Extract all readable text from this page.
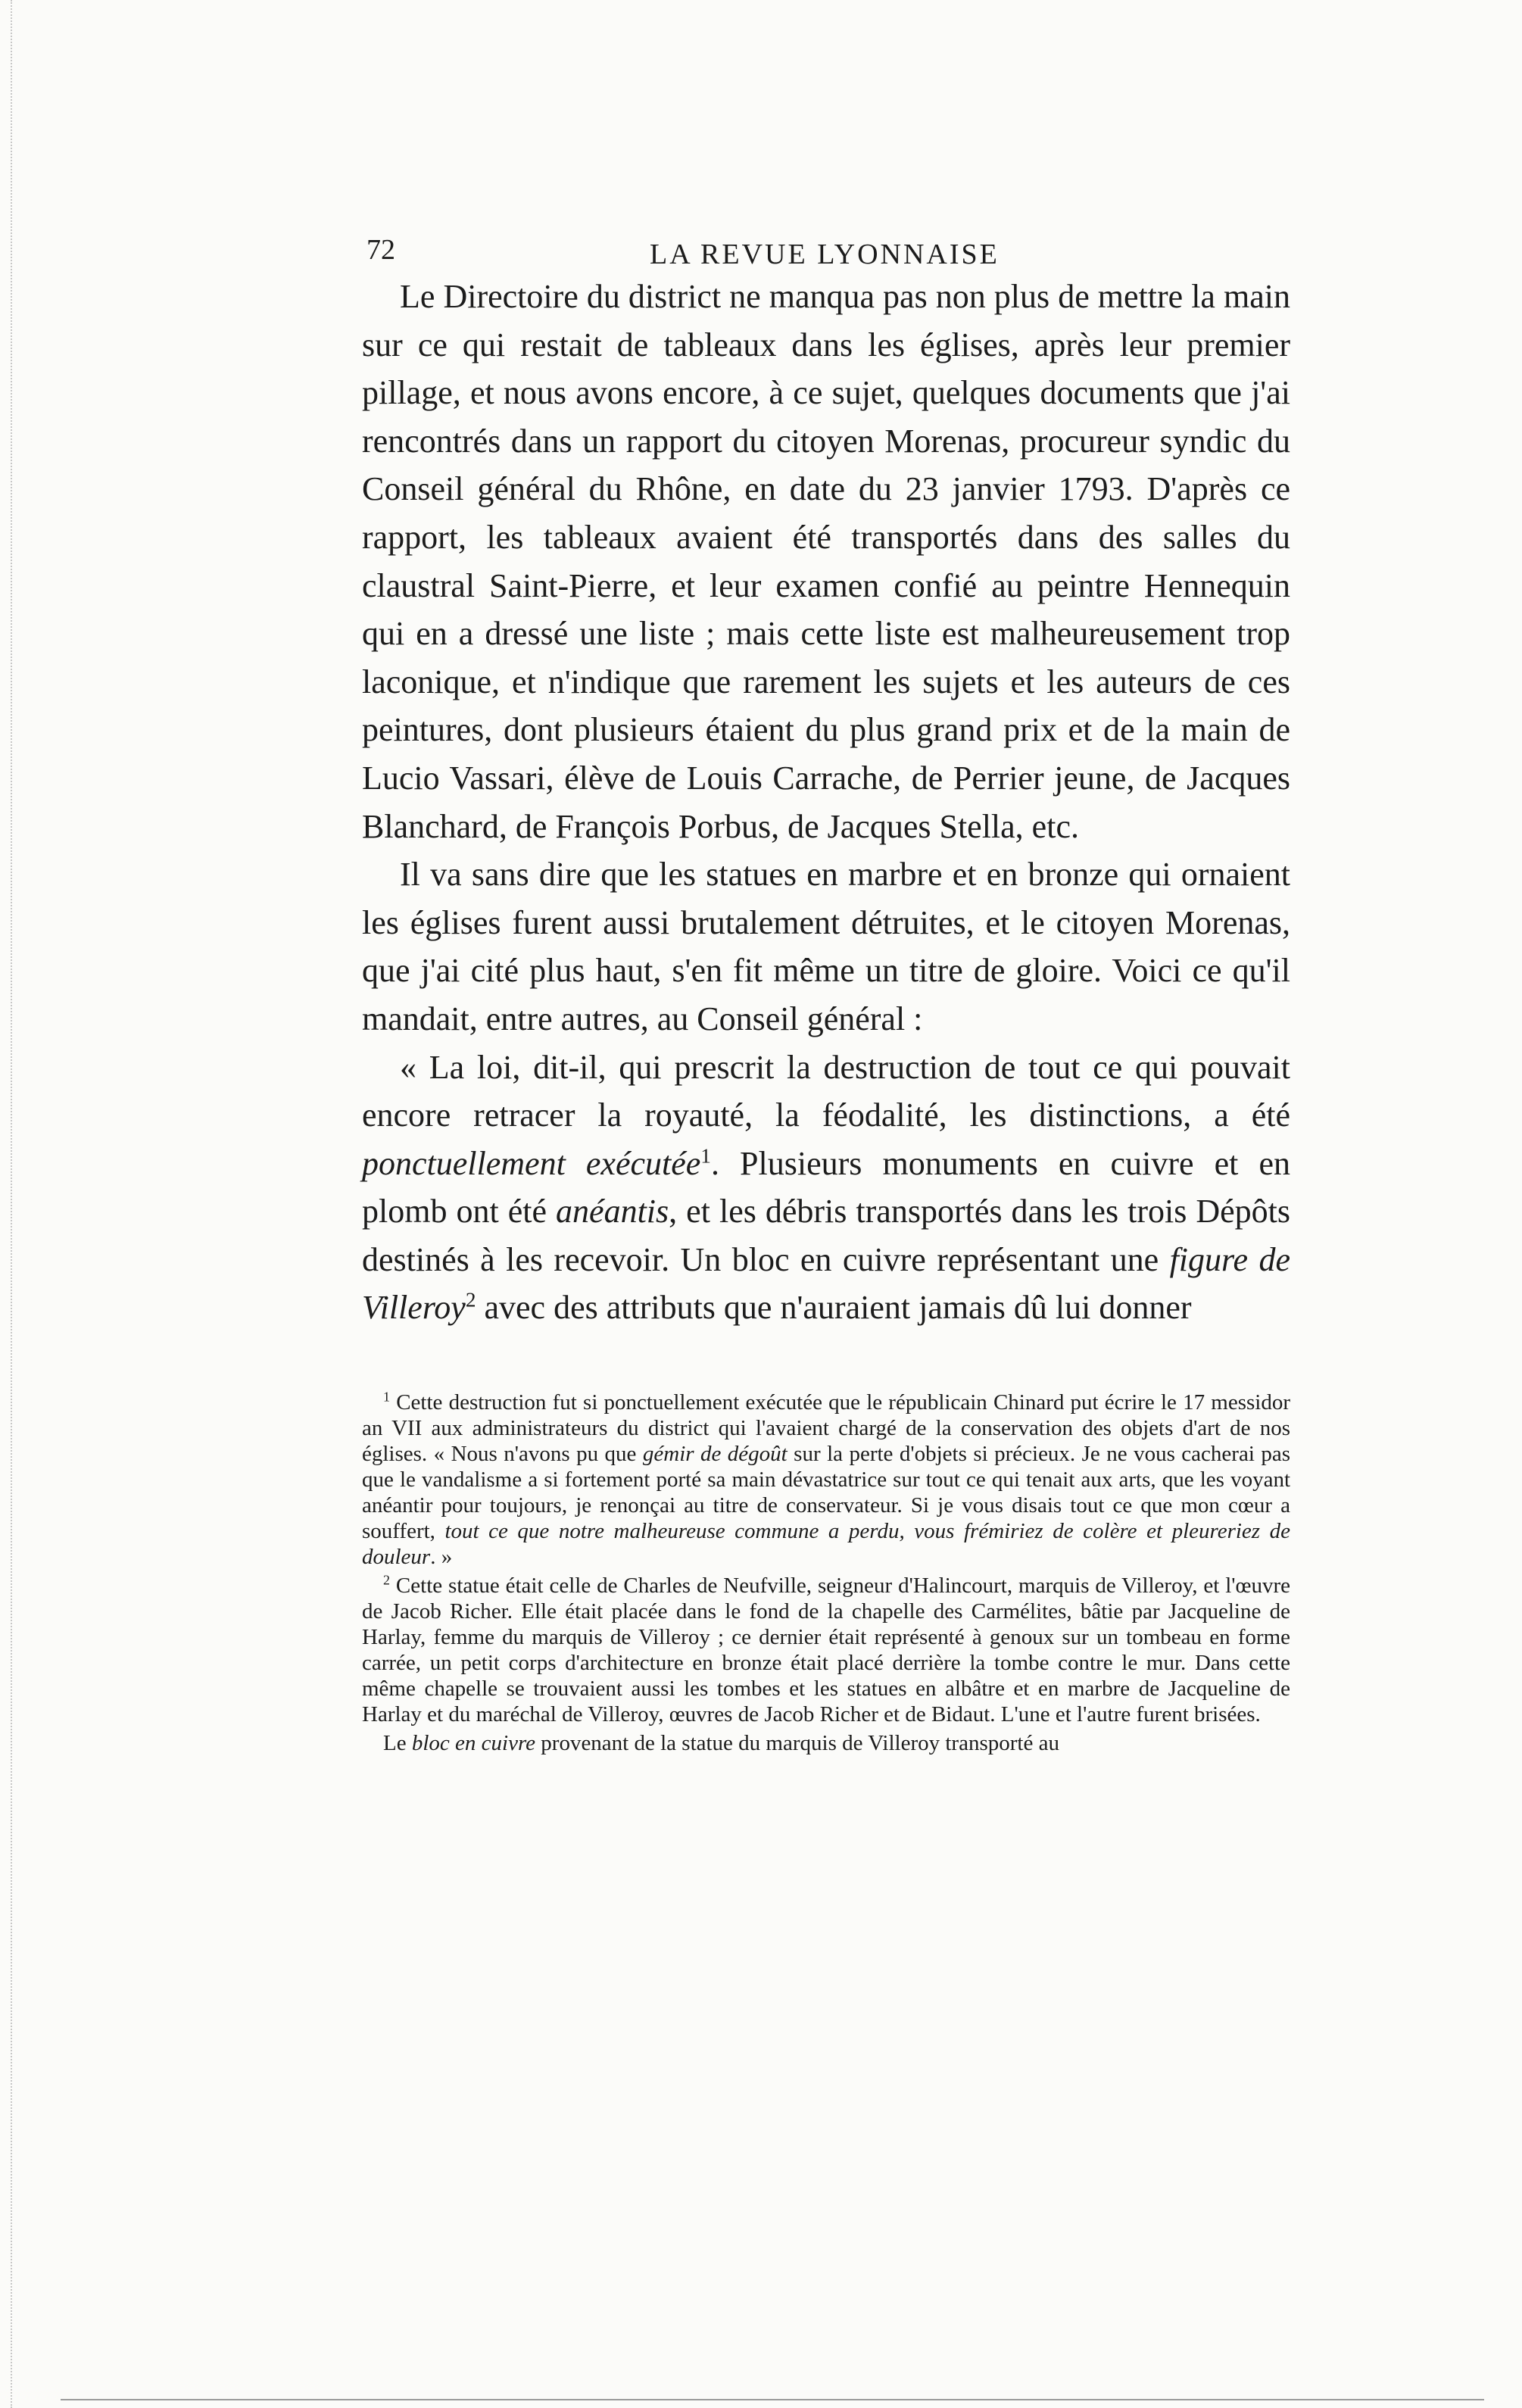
72	LA REVUE LYONNAISE

Le Directoire du district ne manqua pas non plus de mettre la main sur ce qui restait de tableaux dans les églises, après leur premier pillage, et nous avons encore, à ce sujet, quelques documents que j'ai rencontrés dans un rapport du citoyen Morenas, procureur syndic du Conseil général du Rhône, en date du 23 janvier 1793. D'après ce rapport, les tableaux avaient été transportés dans des salles du claustral Saint-Pierre, et leur examen confié au peintre Hennequin qui en a dressé une liste ; mais cette liste est malheureusement trop laconique, et n'indique que rarement les sujets et les auteurs de ces peintures, dont plusieurs étaient du plus grand prix et de la main de Lucio Vassari, élève de Louis Carrache, de Perrier jeune, de Jacques Blanchard, de François Porbus, de Jacques Stella, etc.

Il va sans dire que les statues en marbre et en bronze qui ornaient les églises furent aussi brutalement détruites, et le citoyen Morenas, que j'ai cité plus haut, s'en fit même un titre de gloire. Voici ce qu'il mandait, entre autres, au Conseil général :

« La loi, dit-il, qui prescrit la destruction de tout ce qui pouvait encore retracer la royauté, la féodalité, les distinctions, a été ponctuellement exécutée$^1$. Plusieurs monuments en cuivre et en plomb ont été anéantis, et les débris transportés dans les trois Dépôts destinés à les recevoir. Un bloc en cuivre représentant une figure de Villeroy$^2$ avec des attributs que n'auraient jamais dû lui donner

$^1$ Cette destruction fut si ponctuellement exécutée que le républicain Chinard put écrire le 17 messidor an VII aux administrateurs du district qui l'avaient chargé de la conservation des objets d'art de nos églises. « Nous n'avons pu que gémir de dégoût sur la perte d'objets si précieux. Je ne vous cacherai pas que le vandalisme a si fortement porté sa main dévastatrice sur tout ce qui tenait aux arts, que les voyant anéantir pour toujours, je renonçai au titre de conservateur. Si je vous disais tout ce que mon cœur a souffert, tout ce que notre malheureuse commune a perdu, vous frémiriez de colère et pleureriez de douleur. »

$^2$ Cette statue était celle de Charles de Neufville, seigneur d'Halincourt, marquis de Villeroy, et l'œuvre de Jacob Richer. Elle était placée dans le fond de la chapelle des Carmélites, bâtie par Jacqueline de Harlay, femme du marquis de Villeroy ; ce dernier était représenté à genoux sur un tombeau en forme carrée, un petit corps d'architecture en bronze était placé derrière la tombe contre le mur. Dans cette même chapelle se trouvaient aussi les tombes et les statues en albâtre et en marbre de Jacqueline de Harlay et du maréchal de Villeroy, œuvres de Jacob Richer et de Bidaut. L'une et l'autre furent brisées.

Le bloc en cuivre provenant de la statue du marquis de Villeroy transporté au
